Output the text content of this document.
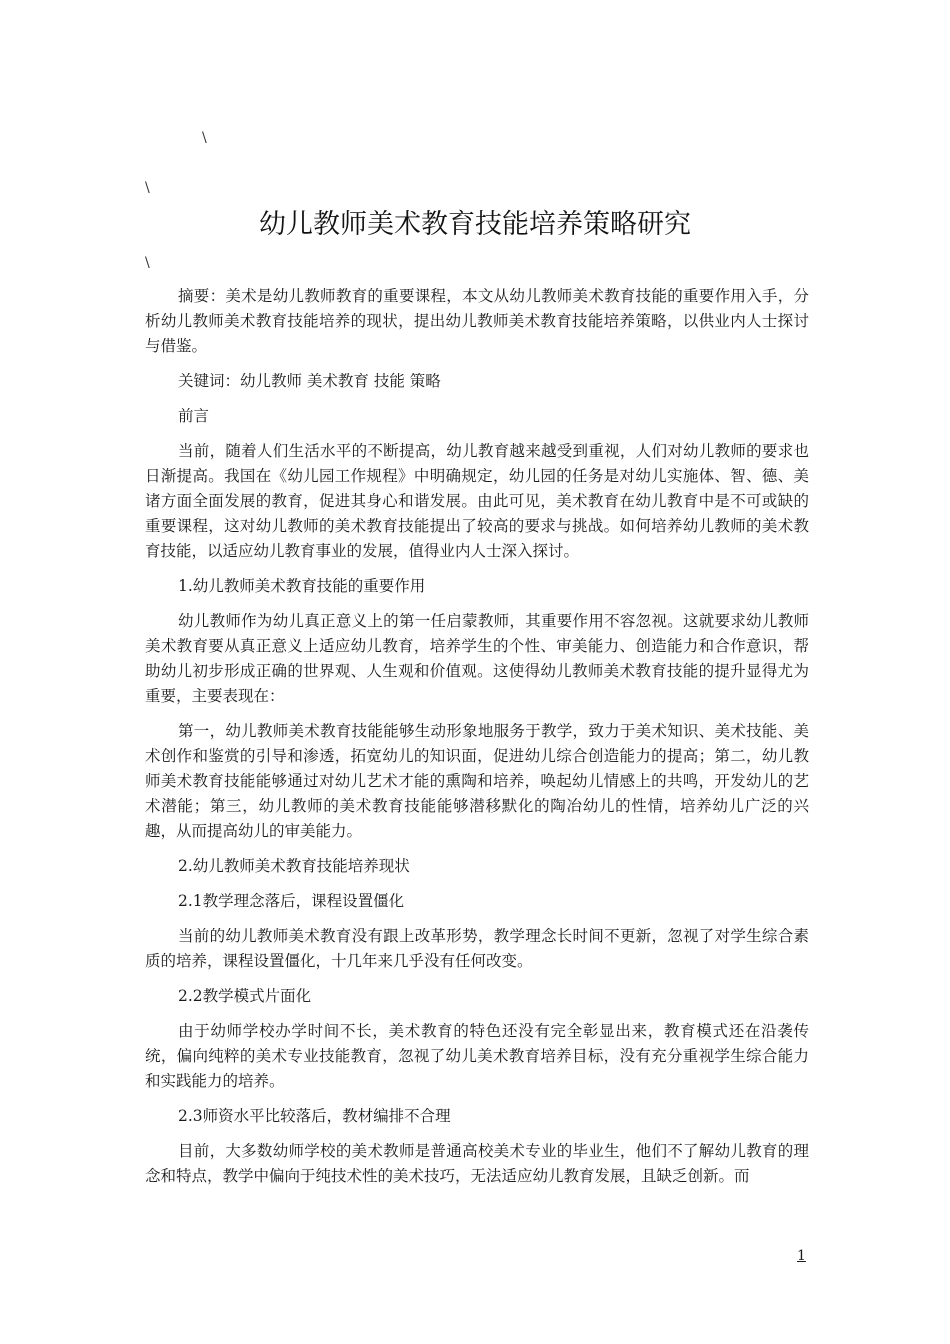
\
\
\
幼儿教师美术教育技能培养策略研究

摘要：美术是幼儿教师教育的重要课程，本文从幼儿教师美术教育技能的重要作用入手，分析幼儿教师美术教育技能培养的现状，提出幼儿教师美术教育技能培养策略，以供业内人士探讨与借鉴。

关键词：幼儿教师 美术教育 技能 策略

前言

当前，随着人们生活水平的不断提高，幼儿教育越来越受到重视，人们对幼儿教师的要求也日渐提高。我国在《幼儿园工作规程》中明确规定，幼儿园的任务是对幼儿实施体、智、德、美诸方面全面发展的教育，促进其身心和谐发展。由此可见，美术教育在幼儿教育中是不可或缺的重要课程，这对幼儿教师的美术教育技能提出了较高的要求与挑战。如何培养幼儿教师的美术教育技能，以适应幼儿教育事业的发展，值得业内人士深入探讨。

1.幼儿教师美术教育技能的重要作用

幼儿教师作为幼儿真正意义上的第一任启蒙教师，其重要作用不容忽视。这就要求幼儿教师美术教育要从真正意义上适应幼儿教育，培养学生的个性、审美能力、创造能力和合作意识，帮助幼儿初步形成正确的世界观、人生观和价值观。这使得幼儿教师美术教育技能的提升显得尤为重要，主要表现在：

第一，幼儿教师美术教育技能能够生动形象地服务于教学，致力于美术知识、美术技能、美术创作和鉴赏的引导和渗透，拓宽幼儿的知识面，促进幼儿综合创造能力的提高；第二，幼儿教师美术教育技能能够通过对幼儿艺术才能的熏陶和培养，唤起幼儿情感上的共鸣，开发幼儿的艺术潜能；第三，幼儿教师的美术教育技能能够潜移默化的陶冶幼儿的性情，培养幼儿广泛的兴趣，从而提高幼儿的审美能力。

2.幼儿教师美术教育技能培养现状

2.1教学理念落后，课程设置僵化

当前的幼儿教师美术教育没有跟上改革形势，教学理念长时间不更新，忽视了对学生综合素质的培养，课程设置僵化，十几年来几乎没有任何改变。

2.2教学模式片面化

由于幼师学校办学时间不长，美术教育的特色还没有完全彰显出来，教育模式还在沿袭传统，偏向纯粹的美术专业技能教育，忽视了幼儿美术教育培养目标，没有充分重视学生综合能力和实践能力的培养。

2.3师资水平比较落后，教材编排不合理

目前，大多数幼师学校的美术教师是普通高校美术专业的毕业生，他们不了解幼儿教育的理念和特点，教学中偏向于纯技术性的美术技巧，无法适应幼儿教育发展，且缺乏创新。而

1
